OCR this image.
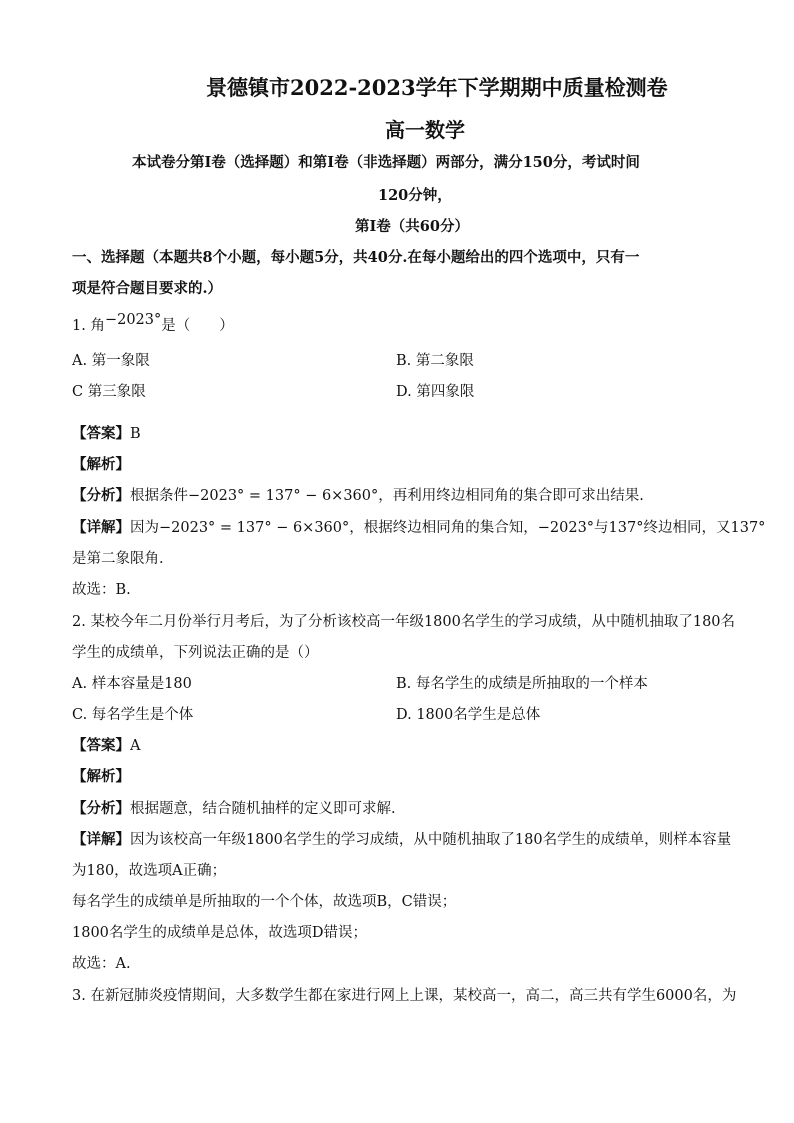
景德镇市2022-2023学年下学期期中质量检测卷
高一数学
本试卷分第I卷（选择题）和第I卷（非选择题）两部分，满分150分，考试时间
120分钟，
第I卷（共60分）
一、选择题（本题共8个小题，每小题5分，共40分.在每小题给出的四个选项中，只有一
项是符合题目要求的.）
1. 角−2023°是（　　）
A. 第一象限	B. 第二象限
C 第三象限	D. 第四象限
【答案】B
【解析】
【分析】根据条件−2023° = 137° − 6×360°，再利用终边相同角的集合即可求出结果.
【详解】因为−2023° = 137° − 6×360°，根据终边相同角的集合知，−2023°与137°终边相同，又137°
是第二象限角.
故选：B.
2. 某校今年二月份举行月考后，为了分析该校高一年级1800名学生的学习成绩，从中随机抽取了180名
学生的成绩单，下列说法正确的是（）
A. 样本容量是180	B. 每名学生的成绩是所抽取的一个样本
C. 每名学生是个体	D. 1800名学生是总体
【答案】A
【解析】
【分析】根据题意，结合随机抽样的定义即可求解.
【详解】因为该校高一年级1800名学生的学习成绩，从中随机抽取了180名学生的成绩单，则样本容量
为180，故选项A正确；
每名学生的成绩单是所抽取的一个个体，故选项B，C错误；
1800名学生的成绩单是总体，故选项D错误；
故选：A.
3. 在新冠肺炎疫情期间，大多数学生都在家进行网上上课，某校高一，高二，高三共有学生6000名，为
